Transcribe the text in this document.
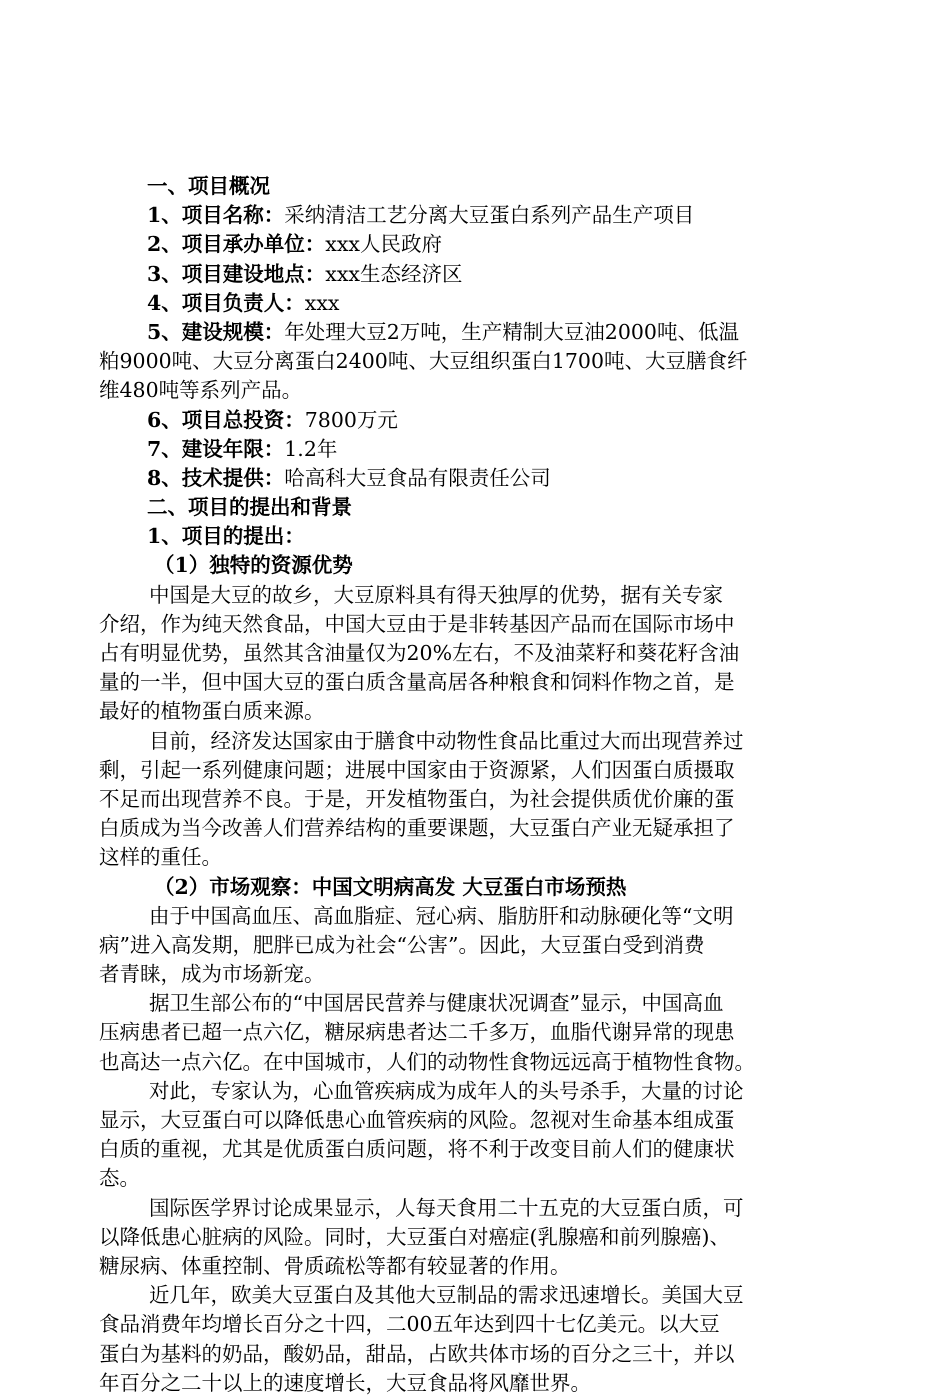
一、项目概况
1、项目名称：采纳清洁工艺分离大豆蛋白系列产品生产项目
2、项目承办单位：xxx人民政府
3、项目建设地点：xxx生态经济区
4、项目负责人：xxx
5、建设规模：年处理大豆2万吨，生产精制大豆油2000吨、低温
粕9000吨、大豆分离蛋白2400吨、大豆组织蛋白1700吨、大豆膳食纤
维480吨等系列产品。
6、项目总投资：7800万元
7、建设年限：1.2年
8、技术提供：哈高科大豆食品有限责任公司
二、项目的提出和背景
1、项目的提出：
（1）独特的资源优势
中国是大豆的故乡，大豆原料具有得天独厚的优势，据有关专家
介绍，作为纯天然食品，中国大豆由于是非转基因产品而在国际市场中
占有明显优势，虽然其含油量仅为20%左右，不及油菜籽和葵花籽含油
量的一半，但中国大豆的蛋白质含量高居各种粮食和饲料作物之首，是
最好的植物蛋白质来源。
目前，经济发达国家由于膳食中动物性食品比重过大而出现营养过
剩，引起一系列健康问题；进展中国家由于资源紧，人们因蛋白质摄取
不足而出现营养不良。于是，开发植物蛋白，为社会提供质优价廉的蛋
白质成为当今改善人们营养结构的重要课题，大豆蛋白产业无疑承担了
这样的重任。
（2）市场观察：中国文明病高发 大豆蛋白市场预热
由于中国高血压、高血脂症、冠心病、脂肪肝和动脉硬化等“文明
病”进入高发期，肥胖已成为社会“公害”。因此，大豆蛋白受到消费
者青睐，成为市场新宠。
据卫生部公布的“中国居民营养与健康状况调查”显示，中国高血
压病患者已超一点六亿，糖尿病患者达二千多万，血脂代谢异常的现患
也高达一点六亿。在中国城市，人们的动物性食物远远高于植物性食物。
对此，专家认为，心血管疾病成为成年人的头号杀手，大量的讨论
显示，大豆蛋白可以降低患心血管疾病的风险。忽视对生命基本组成蛋
白质的重视，尤其是优质蛋白质问题，将不利于改变目前人们的健康状
态。
国际医学界讨论成果显示，人每天食用二十五克的大豆蛋白质，可
以降低患心脏病的风险。同时，大豆蛋白对癌症(乳腺癌和前列腺癌)、
糖尿病、体重控制、骨质疏松等都有较显著的作用。
近几年，欧美大豆蛋白及其他大豆制品的需求迅速增长。美国大豆
食品消费年均增长百分之十四，二00五年达到四十七亿美元。以大豆
蛋白为基料的奶品，酸奶品，甜品，占欧共体市场的百分之三十，并以
年百分之二十以上的速度增长，大豆食品将风靡世界。
